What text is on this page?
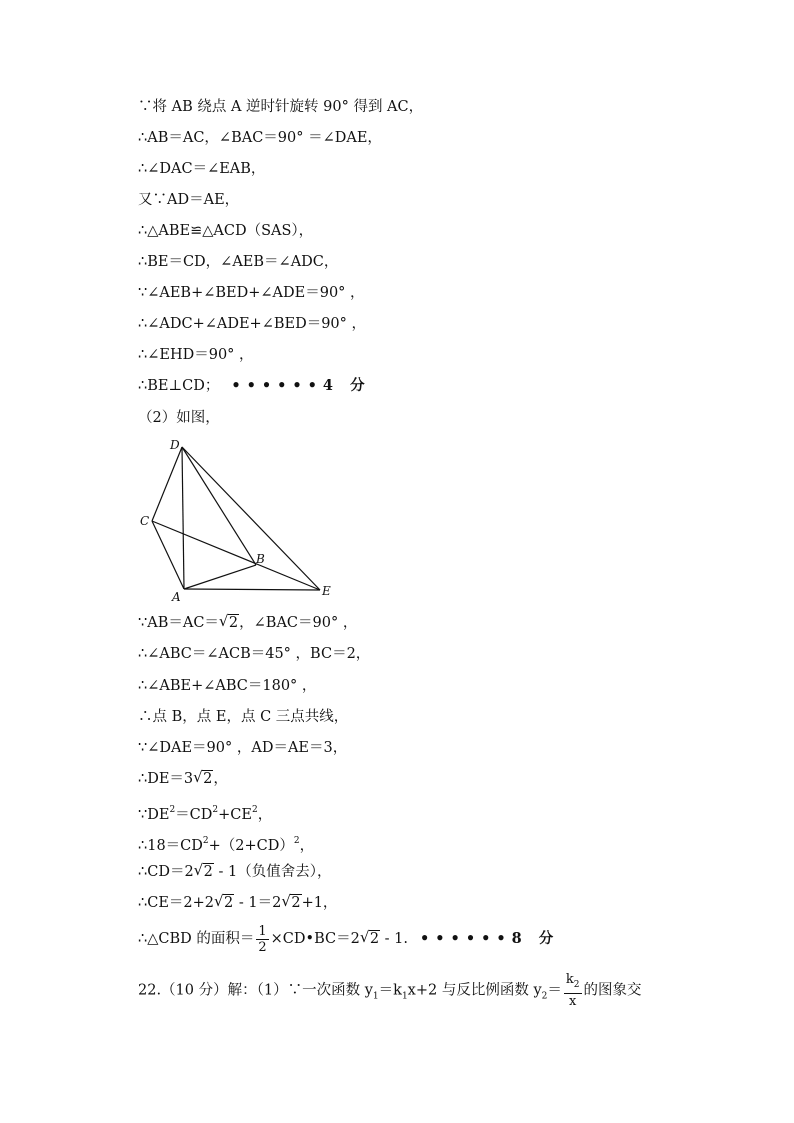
∵将 AB 绕点 A 逆时针旋转 90° 得到 AC，
∴AB＝AC，∠BAC＝90° ＝∠DAE，
∴∠DAC＝∠EAB，
又∵AD＝AE，
∴△ABE≌△ACD（SAS），
∴BE＝CD，∠AEB＝∠ADC，
∵∠AEB+∠BED+∠ADE＝90° ，
∴∠ADC+∠ADE+∠BED＝90° ，
∴∠EHD＝90° ，
∴BE⊥CD； ••••••4 分
（2）如图，
D
C
B
A	E
∵AB＝AC＝ √ 2，∠BAC＝90° ，
∴∠ABC＝∠ACB＝45° ，BC＝2，
∴∠ABE+∠ABC＝180° ，
∴点 B，点 E，点 C 三点共线，
∵∠DAE＝90° ，AD＝AE＝3，
∴DE＝3 √ 2，
$\because DE^2=CD^2+CE^2$，
$\therefore 18=CD^2+(2+CD)^2$，
∴CD＝2 √ 2 - 1（负值舍去），
∴CE＝2+2 √ 2 - 1＝2 √ 2+1，
∴△CBD 的面积＝ $\frac{1}{2}$ ×CD•BC＝2 √ 2 - 1. ••••••8 分
22.（10 分）解：（1）∵一次函数 $y_1=k_1x+2$ 与反比例函数 $y_2= \frac{k_2}{x}$ 的图象交
